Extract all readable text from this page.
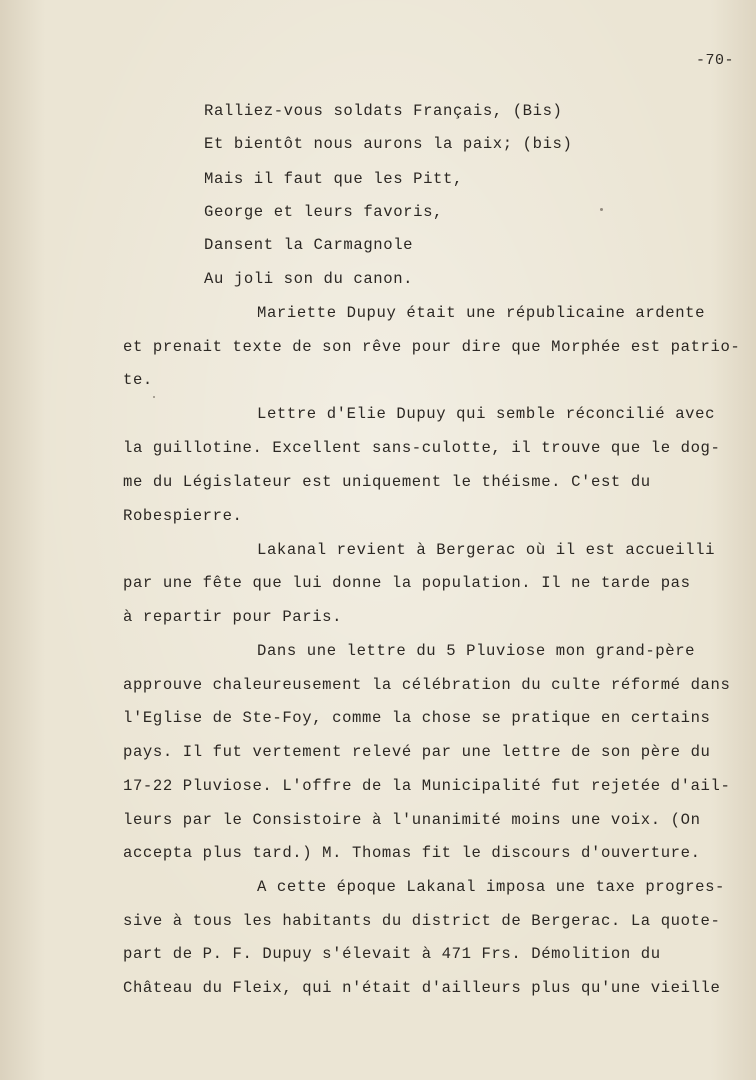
-70-
Ralliez-vous soldats Français, (Bis)
Et bientôt nous aurons la paix; (bis)
Mais il faut que les Pitt,
George et leurs favoris,
Dansent la Carmagnole
Au joli son du canon.
Mariette Dupuy était une républicaine ardente
et prenait texte de son rêve pour dire que Morphée est patrio-
te.
Lettre d'Elie Dupuy qui semble réconcilié avec
la guillotine. Excellent sans-culotte, il trouve que le dog-
me du Législateur est uniquement le théisme. C'est du
Robespierre.
Lakanal revient à Bergerac où il est accueilli
par une fête que lui donne la population. Il ne tarde pas
à repartir pour Paris.
Dans une lettre du 5 Pluviose mon grand-père
approuve chaleureusement la célébration du culte réformé dans
l'Eglise de Ste-Foy, comme la chose se pratique en certains
pays. Il fut vertement relevé par une lettre de son père du
17-22 Pluviose. L'offre de la Municipalité fut rejetée d'ail-
leurs par le Consistoire à l'unanimité moins une voix. (On
accepta plus tard.) M. Thomas fit le discours d'ouverture.
A cette époque Lakanal imposa une taxe progres-
sive à tous les habitants du district de Bergerac. La quote-
part de P. F. Dupuy s'élevait à 471 Frs. Démolition du
Château du Fleix, qui n'était d'ailleurs plus qu'une vieille
